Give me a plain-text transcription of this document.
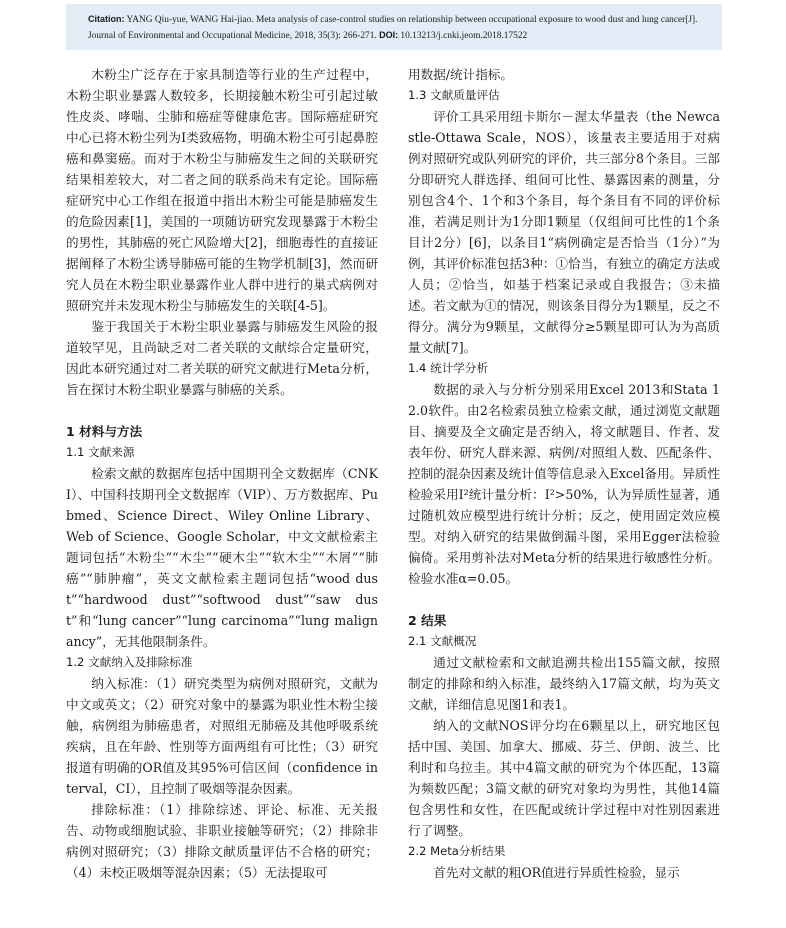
Citation: YANG Qiu-yue, WANG Hai-jiao. Meta analysis of case-control studies on relationship between occupational exposure to wood dust and lung cancer[J]. Journal of Environmental and Occupational Medicine, 2018, 35(3): 266-271. DOI: 10.13213/j.cnki.jeom.2018.17522

木粉尘广泛存在于家具制造等行业的生产过程中，木粉尘职业暴露人数较多，长期接触木粉尘可引起过敏性皮炎、哮喘、尘肺和癌症等健康危害。国际癌症研究中心已将木粉尘列为I类致癌物，明确木粉尘可引起鼻腔癌和鼻窦癌。而对于木粉尘与肺癌发生之间的关联研究结果相差较大，对二者之间的联系尚未有定论。国际癌症研究中心工作组在报道中指出木粉尘可能是肺癌发生的危险因素[1]，美国的一项随访研究发现暴露于木粉尘的男性，其肺癌的死亡风险增大[2]，细胞毒性的直接证据阐释了木粉尘诱导肺癌可能的生物学机制[3]，然而研究人员在木粉尘职业暴露作业人群中进行的巢式病例对照研究并未发现木粉尘与肺癌发生的关联[4-5]。

鉴于我国关于木粉尘职业暴露与肺癌发生风险的报道较罕见，且尚缺乏对二者关联的文献综合定量研究，因此本研究通过对二者关联的研究文献进行Meta分析，旨在探讨木粉尘职业暴露与肺癌的关系。

1 材料与方法

1.1 文献来源

检索文献的数据库包括中国期刊全文数据库（CNKI）、中国科技期刊全文数据库（VIP）、万方数据库、Pubmed、Science Direct、Wiley Online Library、Web of Science、Google Scholar，中文文献检索主题词包括“木粉尘”“木尘”“硬木尘”“软木尘”“木屑”“肺癌”“肺肿瘤”，英文文献检索主题词包括“wood dust”“hardwood dust”“softwood dust”“saw dust”和“lung cancer”“lung carcinoma”“lung malignancy”，无其他限制条件。

1.2 文献纳入及排除标准

纳入标准：（1）研究类型为病例对照研究，文献为中文或英文；（2）研究对象中的暴露为职业性木粉尘接触，病例组为肺癌患者，对照组无肺癌及其他呼吸系统疾病，且在年龄、性别等方面两组有可比性；（3）研究报道有明确的OR值及其95%可信区间（confidence interval，CI），且控制了吸烟等混杂因素。

排除标准：（1）排除综述、评论、标准、无关报告、动物或细胞试验、非职业接触等研究；（2）排除非病例对照研究；（3）排除文献质量评估不合格的研究；（4）未校正吸烟等混杂因素；（5）无法提取可

用数据/统计指标。

1.3 文献质量评估

评价工具采用纽卡斯尔－渥太华量表（the Newcastle-Ottawa Scale，NOS），该量表主要适用于对病例对照研究或队列研究的评价，共三部分8个条目。三部分即研究人群选择、组间可比性、暴露因素的测量，分别包含4个、1个和3个条目，每个条目有不同的评价标准，若满足则计为1分即1颗星（仅组间可比性的1个条目计2分）[6]，以条目1“病例确定是否恰当（1分）”为例，其评价标准包括3种：①恰当，有独立的确定方法或人员；②恰当，如基于档案记录或自我报告；③未描述。若文献为①的情况，则该条目得分为1颗星，反之不得分。满分为9颗星，文献得分≥5颗星即可认为为高质量文献[7]。

1.4 统计学分析

数据的录入与分析分别采用Excel 2013和Stata 12.0软件。由2名检索员独立检索文献，通过浏览文献题目、摘要及全文确定是否纳入，将文献题目、作者、发表年份、研究人群来源、病例/对照组人数、匹配条件、控制的混杂因素及统计值等信息录入Excel备用。异质性检验采用I²统计量分析：I²>50%，认为异质性显著，通过随机效应模型进行统计分析；反之，使用固定效应模型。对纳入研究的结果做倒漏斗图，采用Egger法检验偏倚。采用剪补法对Meta分析的结果进行敏感性分析。检验水准α=0.05。

2 结果

2.1 文献概况

通过文献检索和文献追溯共检出155篇文献，按照制定的排除和纳入标准，最终纳入17篇文献，均为英文文献，详细信息见图1和表1。

纳入的文献NOS评分均在6颗星以上，研究地区包括中国、美国、加拿大、挪威、芬兰、伊朗、波兰、比利时和乌拉圭。其中4篇文献的研究为个体匹配，13篇为频数匹配；3篇文献的研究对象均为男性，其他14篇包含男性和女性，在匹配或统计学过程中对性别因素进行了调整。

2.2 Meta分析结果

首先对文献的粗OR值进行异质性检验，显示
